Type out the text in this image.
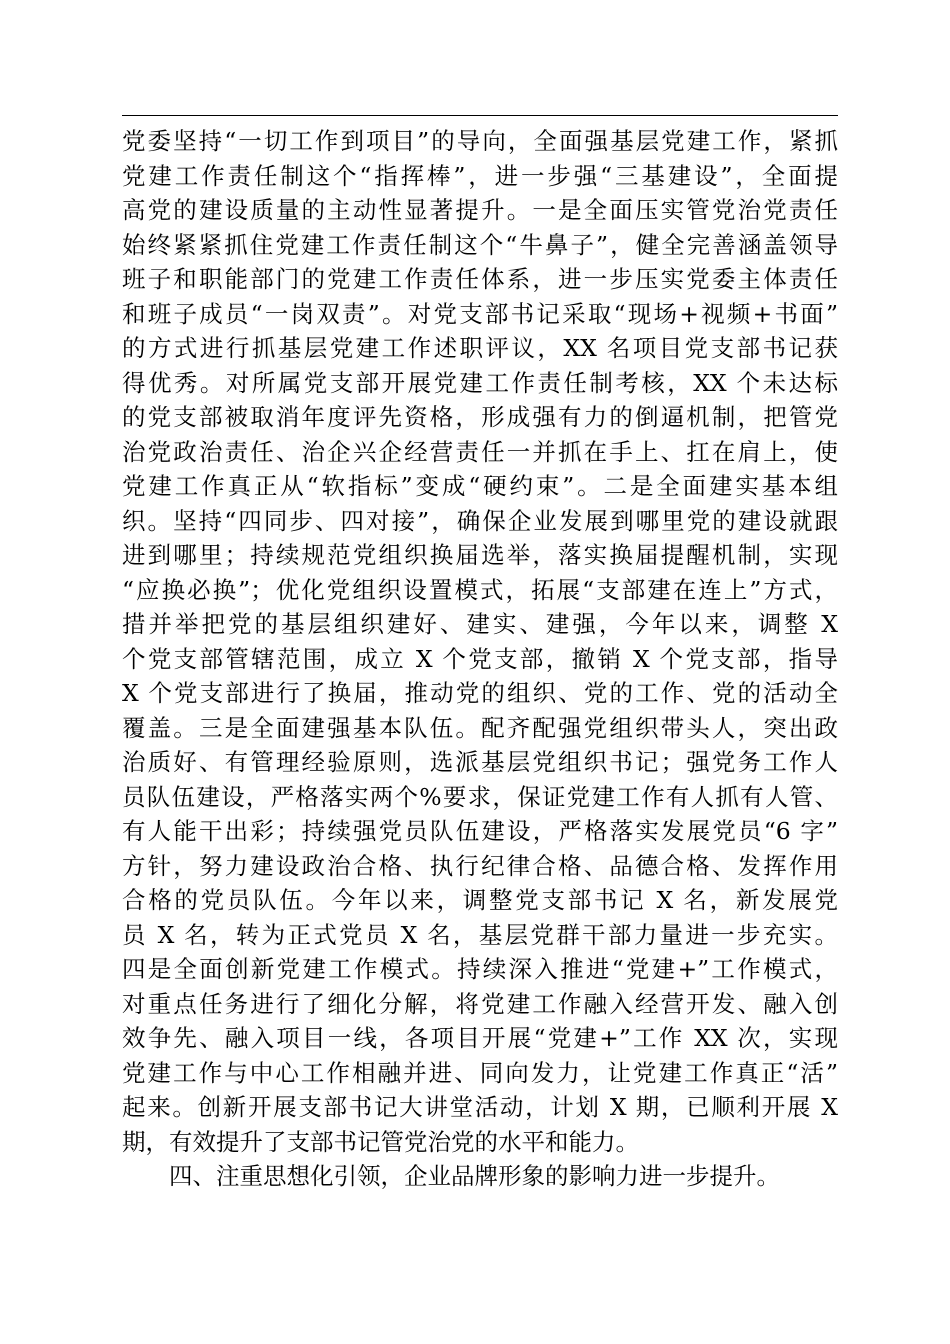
党委坚持“一切工作到项目”的导向，全面强基层党建工作，紧抓
党建工作责任制这个“指挥棒”，进一步强“三基建设”，全面提
高党的建设质量的主动性显著提升。一是全面压实管党治党责任
始终紧紧抓住党建工作责任制这个“牛鼻子”，健全完善涵盖领导
班子和职能部门的党建工作责任体系，进一步压实党委主体责任
和班子成员“一岗双责”。对党支部书记采取“现场+视频+书面”
的方式进行抓基层党建工作述职评议，XX 名项目党支部书记获
得优秀。对所属党支部开展党建工作责任制考核，XX 个未达标
的党支部被取消年度评先资格，形成强有力的倒逼机制，把管党
治党政治责任、治企兴企经营责任一并抓在手上、扛在肩上，使
党建工作真正从“软指标”变成“硬约束”。二是全面建实基本组
织。坚持“四同步、四对接”，确保企业发展到哪里党的建设就跟
进到哪里；持续规范党组织换届选举，落实换届提醒机制，实现
“应换必换”；优化党组织设置模式，拓展“支部建在连上”方式，
措并举把党的基层组织建好、建实、建强，今年以来，调整 X
个党支部管辖范围，成立 X 个党支部，撤销 X 个党支部，指导
X 个党支部进行了换届，推动党的组织、党的工作、党的活动全
覆盖。三是全面建强基本队伍。配齐配强党组织带头人，突出政
治质好、有管理经验原则，选派基层党组织书记；强党务工作人
员队伍建设，严格落实两个%要求，保证党建工作有人抓有人管、
有人能干出彩；持续强党员队伍建设，严格落实发展党员“6 字”
方针，努力建设政治合格、执行纪律合格、品德合格、发挥作用
合格的党员队伍。今年以来，调整党支部书记 X 名，新发展党
员 X 名，转为正式党员 X 名，基层党群干部力量进一步充实。
四是全面创新党建工作模式。持续深入推进“党建+”工作模式，
对重点任务进行了细化分解，将党建工作融入经营开发、融入创
效争先、融入项目一线，各项目开展“党建+”工作 XX 次，实现
党建工作与中心工作相融并进、同向发力，让党建工作真正“活”
起来。创新开展支部书记大讲堂活动，计划 X 期，已顺利开展 X
期，有效提升了支部书记管党治党的水平和能力。
四、注重思想化引领，企业品牌形象的影响力进一步提升。
